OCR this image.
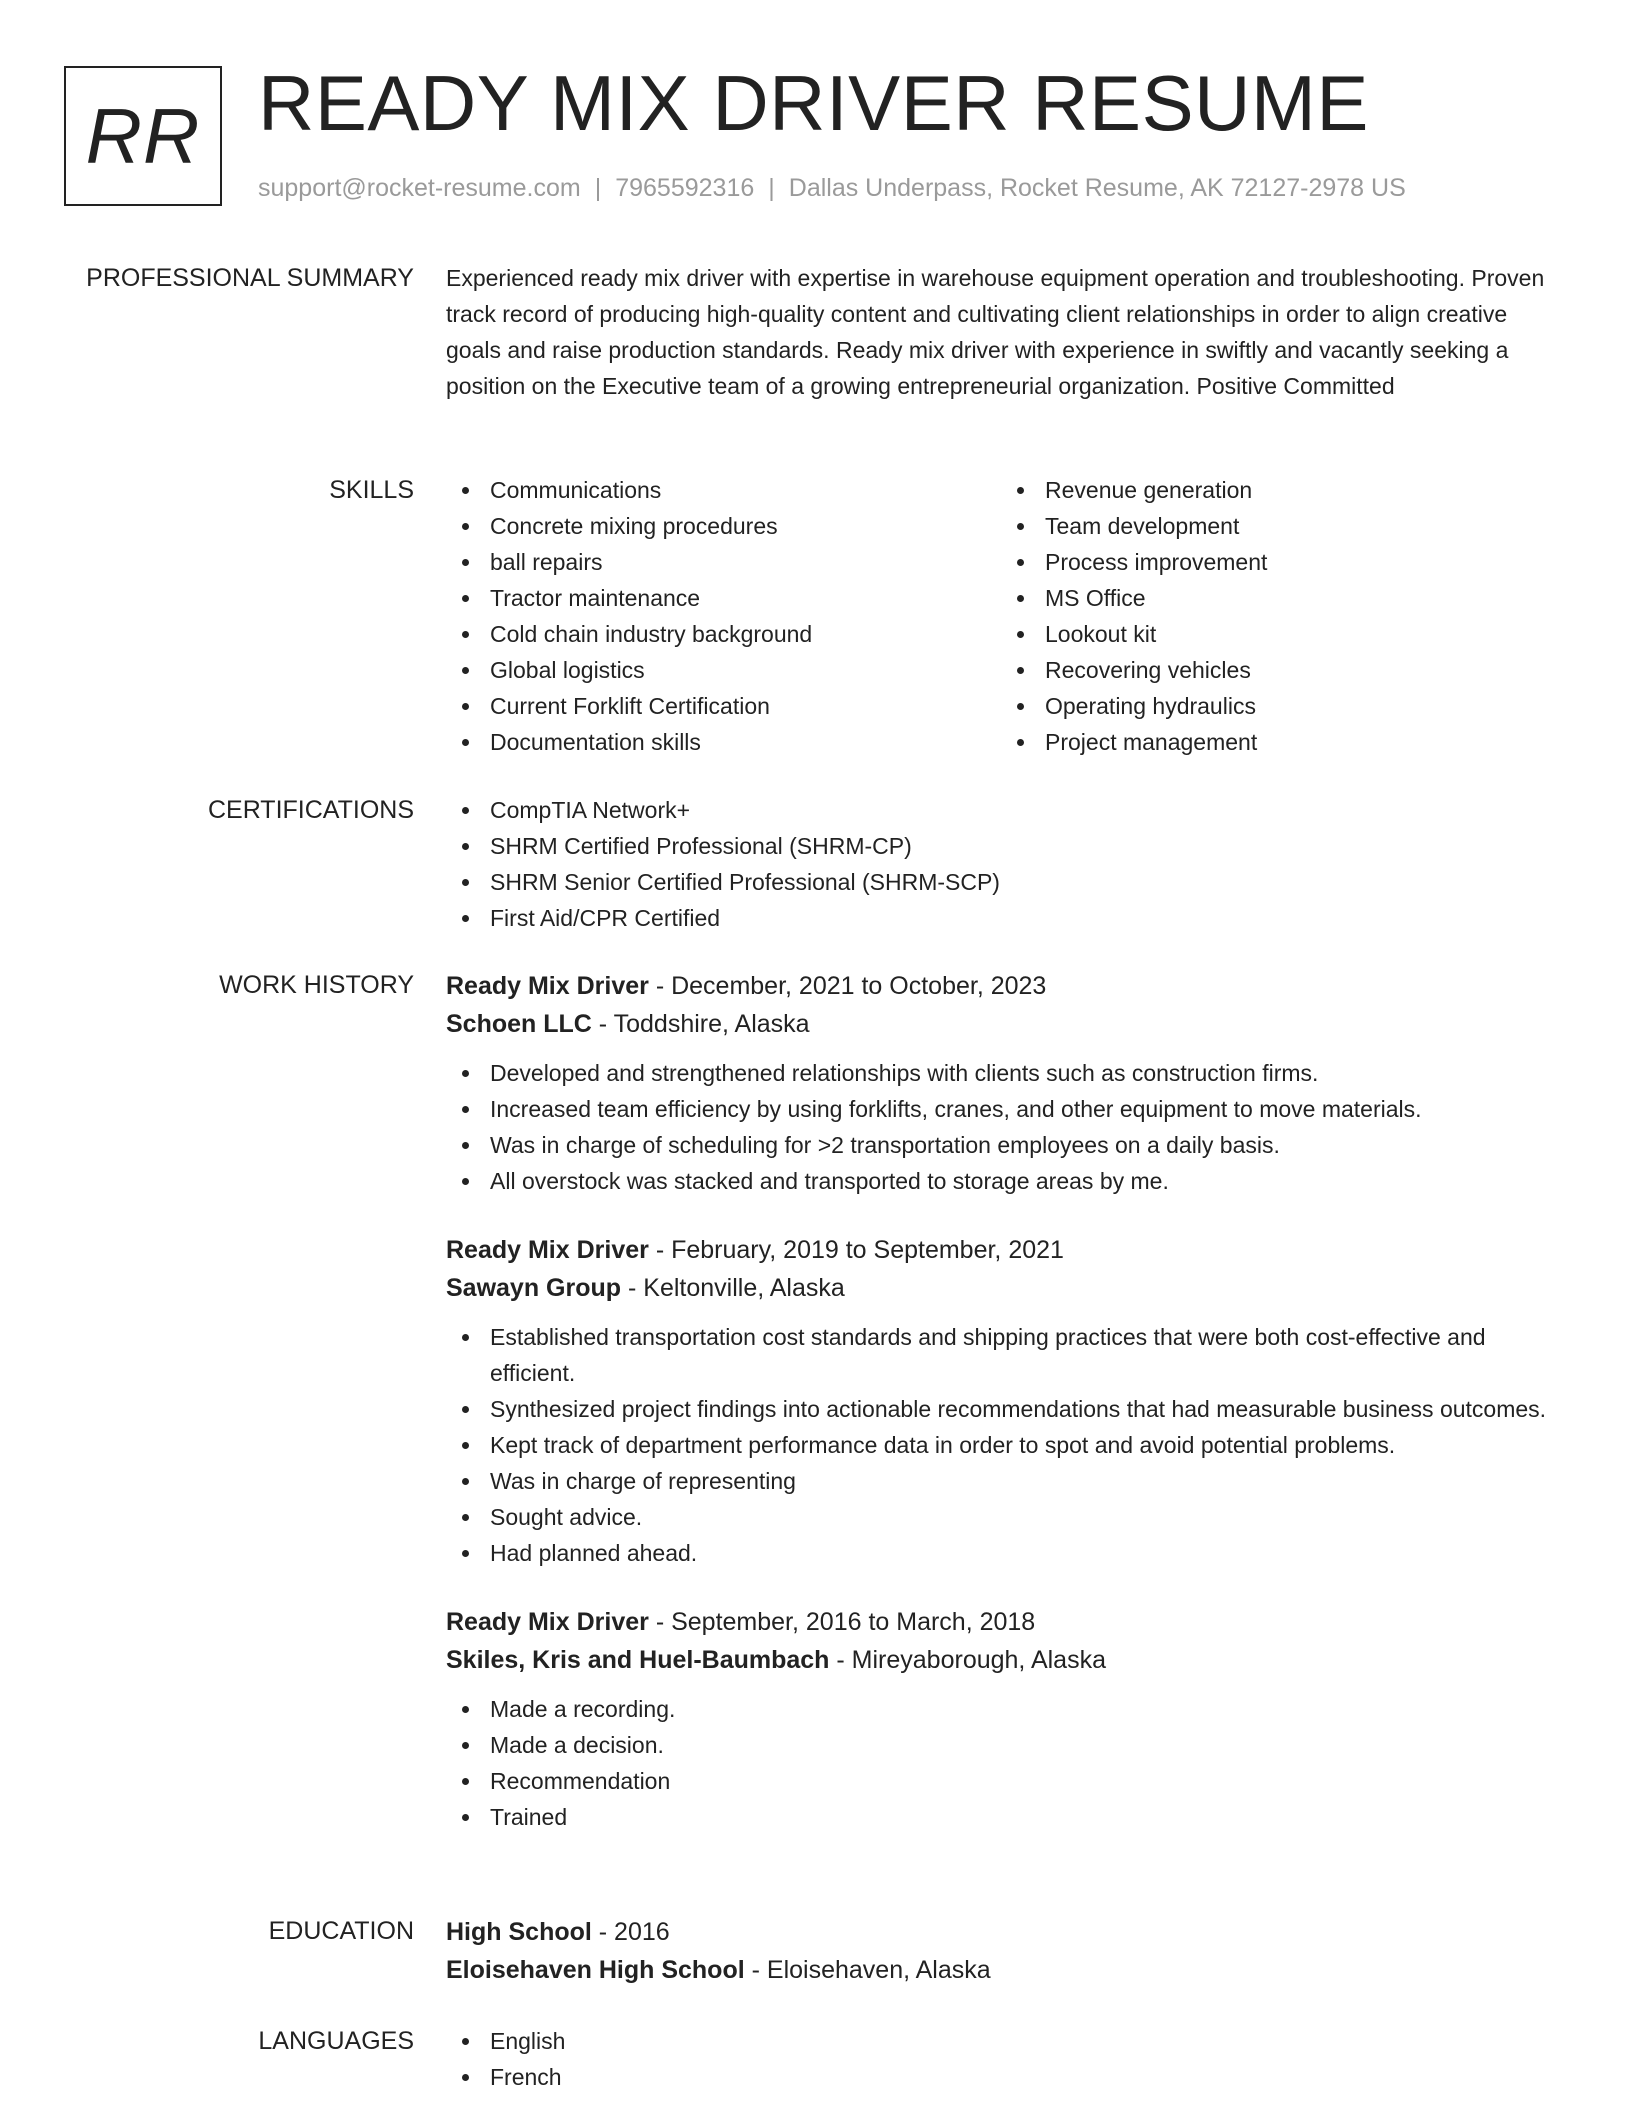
RR READY MIX DRIVER RESUME
support@rocket-resume.com | 7965592316 | Dallas Underpass, Rocket Resume, AK 72127-2978 US
PROFESSIONAL SUMMARY Experienced ready mix driver with expertise in warehouse equipment operation and troubleshooting. Proven track record of producing high-quality content and cultivating client relationships in order to align creative goals and raise production standards. Ready mix driver with experience in swiftly and vacantly seeking a position on the Executive team of a growing entrepreneurial organization. Positive Committed
SKILLS	Communications
Concrete mixing procedures
ball repairs
Tractor maintenance
Cold chain industry background
Global logistics
Current Forklift Certification
Documentation skills
Revenue generation
Team development
Process improvement
MS Office
Lookout kit
Recovering vehicles
Operating hydraulics
Project management
CERTIFICATIONS	CompTIA Network+
SHRM Certified Professional (SHRM-CP)
SHRM Senior Certified Professional (SHRM-SCP)
First Aid/CPR Certified
WORK HISTORY Ready Mix Driver - December, 2021 to October, 2023
Schoen LLC - Toddshire, Alaska
Developed and strengthened relationships with clients such as construction firms.
Increased team efficiency by using forklifts, cranes, and other equipment to move materials.
Was in charge of scheduling for >2 transportation employees on a daily basis.
All overstock was stacked and transported to storage areas by me.
Ready Mix Driver - February, 2019 to September, 2021
Sawayn Group - Keltonville, Alaska
Established transportation cost standards and shipping practices that were both cost-effective and efficient.
Synthesized project findings into actionable recommendations that had measurable business outcomes.
Kept track of department performance data in order to spot and avoid potential problems.
Was in charge of representing
Sought advice.
Had planned ahead.
Ready Mix Driver - September, 2016 to March, 2018
Skiles, Kris and Huel-Baumbach - Mireyaborough, Alaska
Made a recording.
Made a decision.
Recommendation
Trained
EDUCATION High School - 2016
Eloisehaven High School - Eloisehaven, Alaska
LANGUAGES	English
French
